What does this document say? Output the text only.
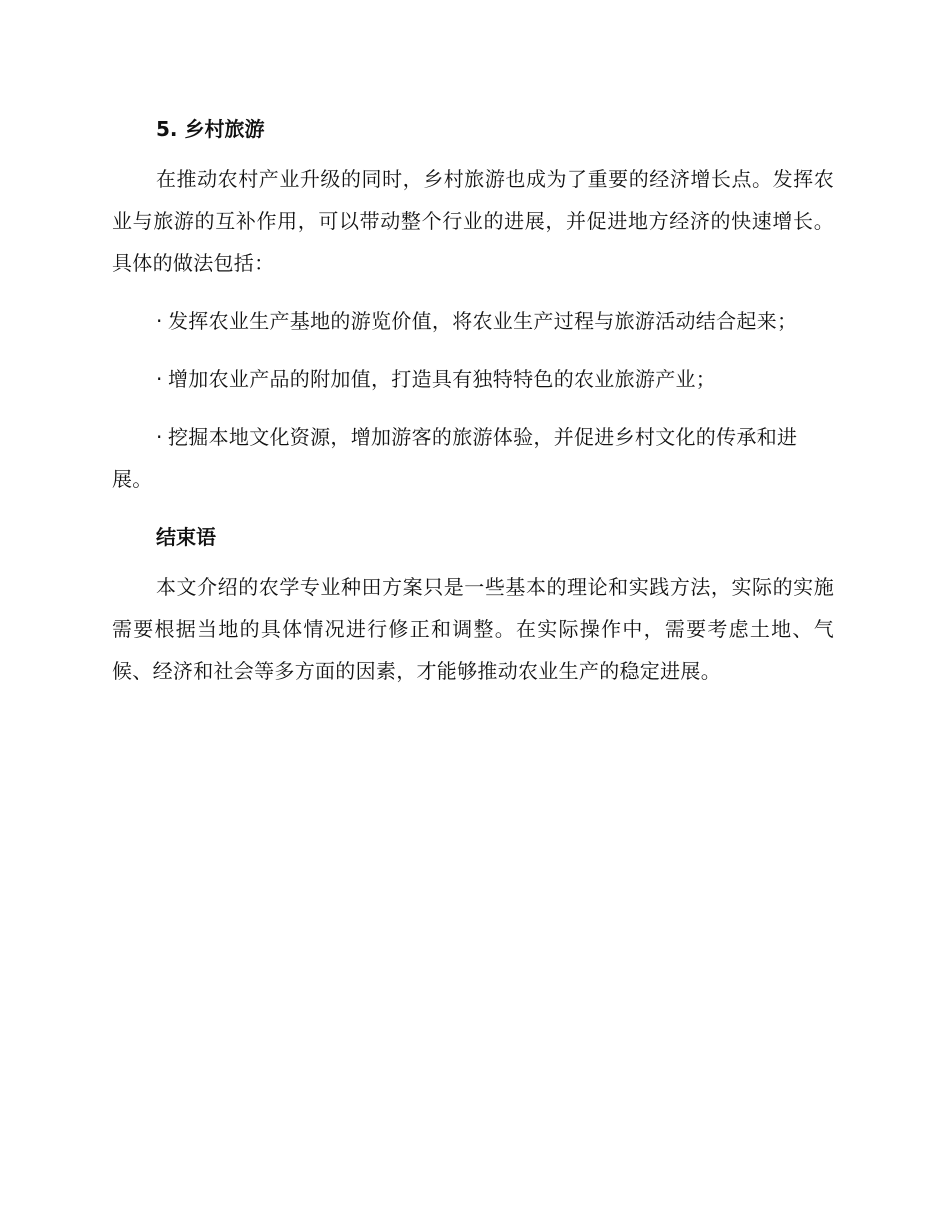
5. 乡村旅游

在推动农村产业升级的同时，乡村旅游也成为了重要的经济增长点。发挥农业与旅游的互补作用，可以带动整个行业的进展，并促进地方经济的快速增长。具体的做法包括：

· 发挥农业生产基地的游览价值，将农业生产过程与旅游活动结合起来；

· 增加农业产品的附加值，打造具有独特特色的农业旅游产业；

· 挖掘本地文化资源，增加游客的旅游体验，并促进乡村文化的传承和进展。

结束语

本文介绍的农学专业种田方案只是一些基本的理论和实践方法，实际的实施需要根据当地的具体情况进行修正和调整。在实际操作中，需要考虑土地、气候、经济和社会等多方面的因素，才能够推动农业生产的稳定进展。
